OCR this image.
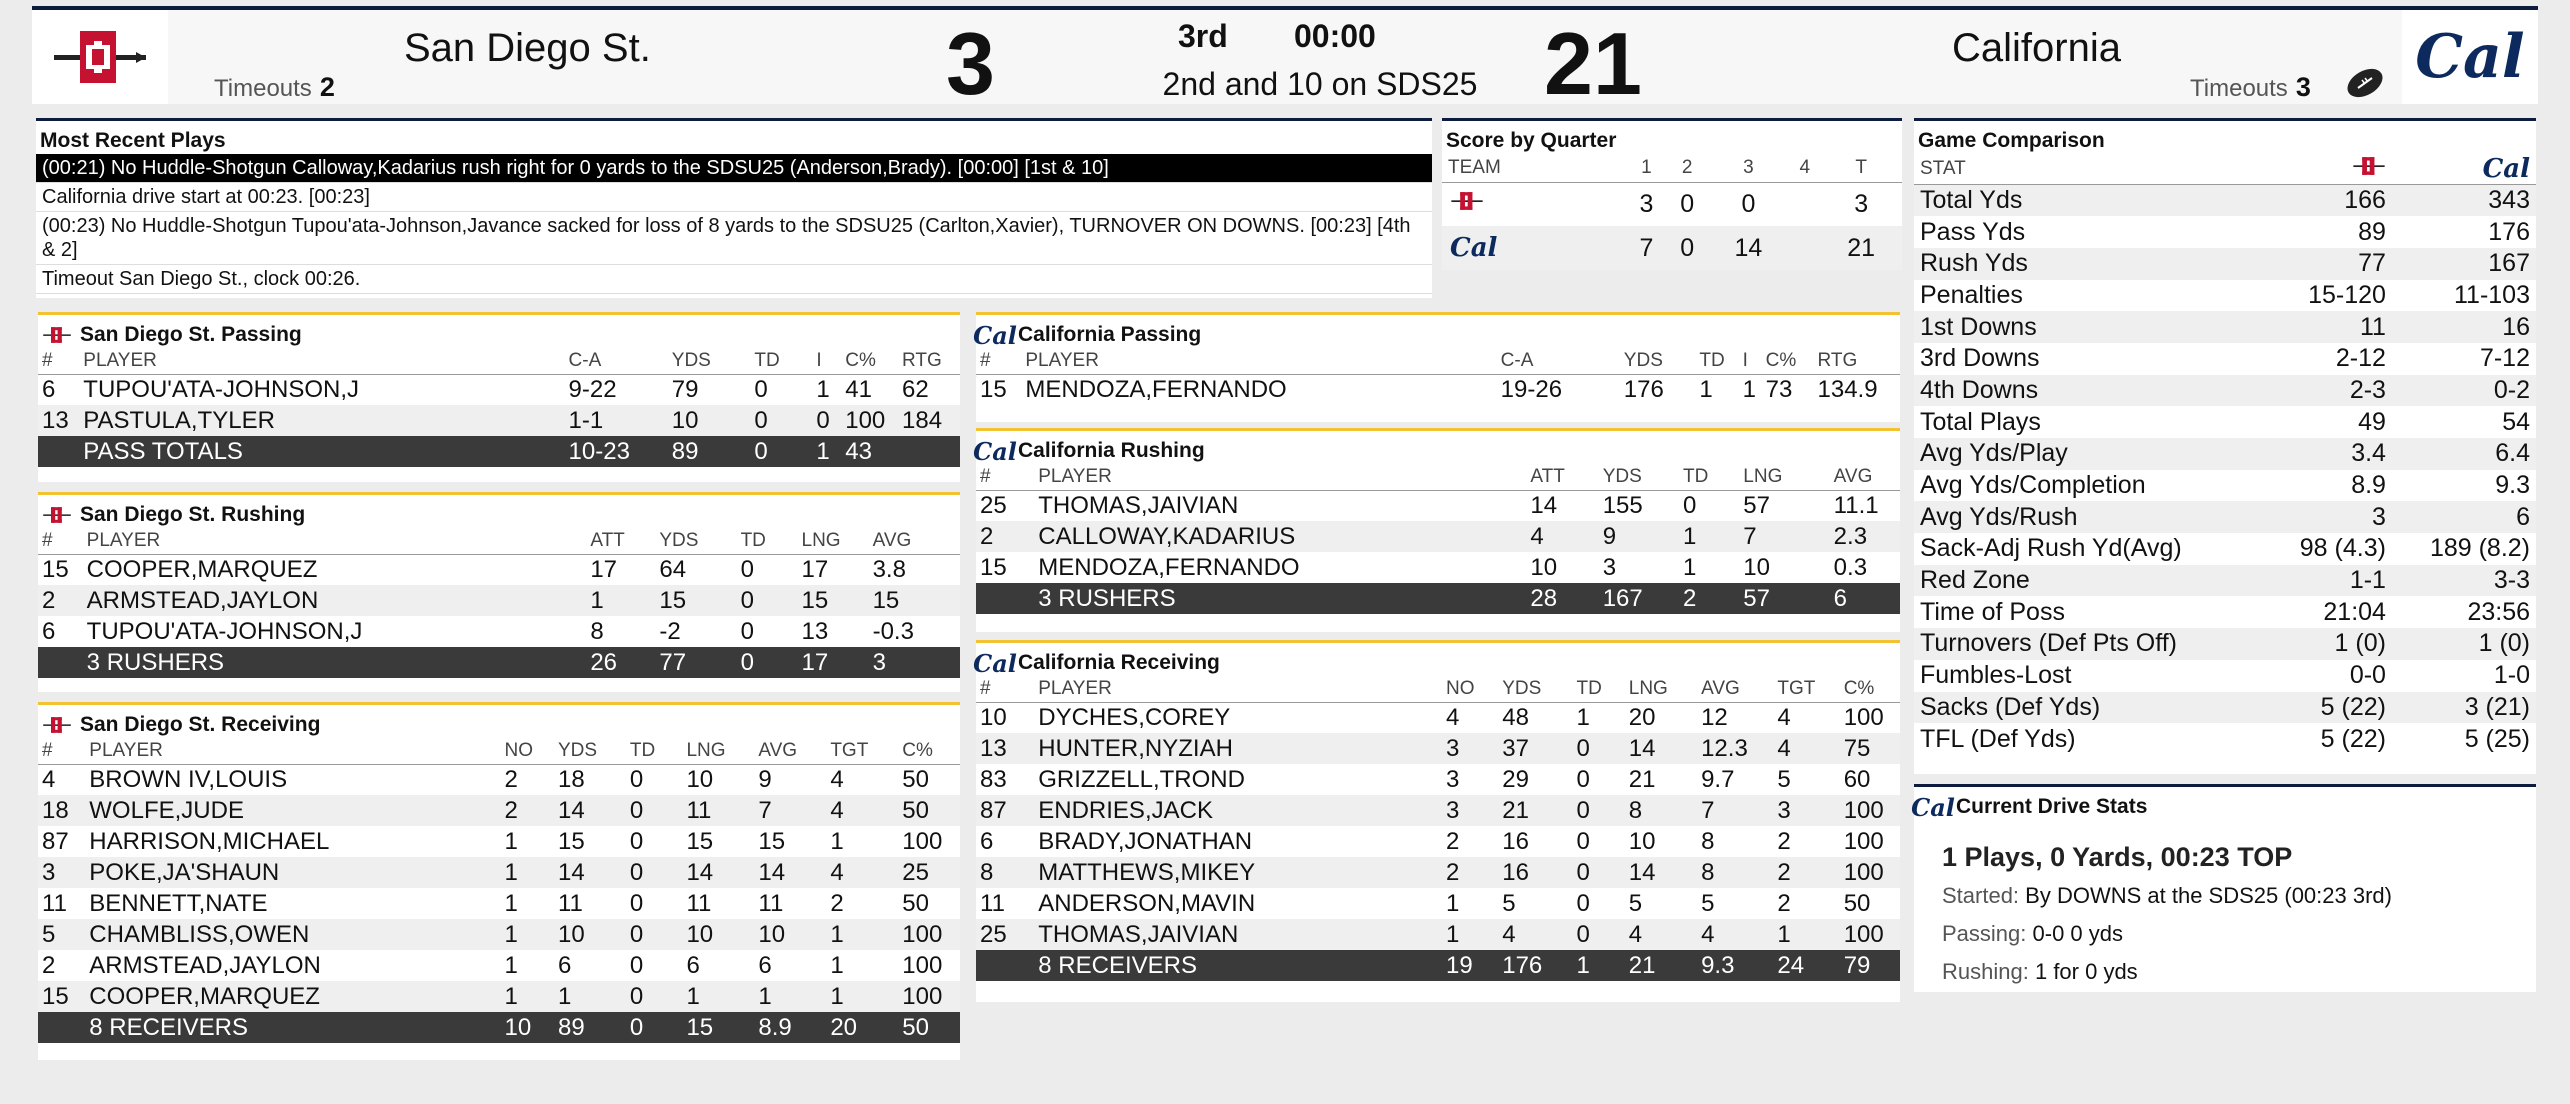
San Diego St.
Timeouts 2	3	3rd 00:00
2nd and 10 on SDS25 21	California
Timeouts 3 Cal
Most Recent Plays
(00:21) No Huddle-Shotgun Calloway,Kadarius rush right for 0 yards to the SDSU25 (Anderson,Brady). [00:00] [1st & 10]
California drive start at 00:23. [00:23]
(00:23) No Huddle-Shotgun Tupou'ata-Johnson,Javance sacked for loss of 8 yards to the SDSU25 (Carlton,Xavier), TURNOVER ON DOWNS. [00:23] [4th & 2]
Timeout San Diego St., clock 00:26.
Score by Quarter
TEAM	1	2	3	4	T
	3	0	0		3
Cal	7	0	14		21
Game Comparison
STAT		Cal
Total Yds	166	343
Pass Yds	89	176
Rush Yds	77	167
Penalties	15-120	11-103
1st Downs	11	16
3rd Downs	2-12	7-12
4th Downs	2-3	0-2
Total Plays	49	54
Avg Yds/Play	3.4	6.4
Avg Yds/Completion	8.9	9.3
Avg Yds/Rush	3	6
Sack-Adj Rush Yd(Avg)	98 (4.3)	189 (8.2)
Red Zone	1-1	3-3
Time of Poss	21:04	23:56
Turnovers (Def Pts Off)	1 (0)	1 (0)
Fumbles-Lost	0-0	1-0
Sacks (Def Yds)	5 (22)	3 (21)
TFL (Def Yds)	5 (22)	5 (25)
Cal Current Drive Stats
1 Plays, 0 Yards, 00:23 TOP
Started: By DOWNS at the SDS25 (00:23 3rd)
Passing: 0-0 0 yds
Rushing: 1 for 0 yds
San Diego St. Passing
#	PLAYER	C-A	YDS	TD	I	C%	RTG
6	TUPOU'ATA-JOHNSON,J	9-22	79	0	1	41	62
13	PASTULA,TYLER	1-1	10	0	0	100	184
	PASS TOTALS	10-23	89	0	1	43	
San Diego St. Rushing
#	PLAYER	ATT	YDS	TD	LNG	AVG
15	COOPER,MARQUEZ	17	64	0	17	3.8
2	ARMSTEAD,JAYLON	1	15	0	15	15
6	TUPOU'ATA-JOHNSON,J	8	-2	0	13	-0.3
	3 RUSHERS	26	77	0	17	3
San Diego St. Receiving
#	PLAYER	NO	YDS	TD	LNG	AVG	TGT	C%
4	BROWN IV,LOUIS	2	18	0	10	9	4	50
18	WOLFE,JUDE	2	14	0	11	7	4	50
87	HARRISON,MICHAEL	1	15	0	15	15	1	100
3	POKE,JA'SHAUN	1	14	0	14	14	4	25
11	BENNETT,NATE	1	11	0	11	11	2	50
5	CHAMBLISS,OWEN	1	10	0	10	10	1	100
2	ARMSTEAD,JAYLON	1	6	0	6	6	1	100
15	COOPER,MARQUEZ	1	1	0	1	1	1	100
	8 RECEIVERS	10	89	0	15	8.9	20	50
Cal California Passing
#	PLAYER	C-A	YDS	TD	I	C%	RTG
15	MENDOZA,FERNANDO	19-26	176	1	1	73	134.9
Cal California Rushing
#	PLAYER	ATT	YDS	TD	LNG	AVG
25	THOMAS,JAIVIAN	14	155	0	57	11.1
2	CALLOWAY,KADARIUS	4	9	1	7	2.3
15	MENDOZA,FERNANDO	10	3	1	10	0.3
	3 RUSHERS	28	167	2	57	6
Cal California Receiving
#	PLAYER	NO	YDS	TD	LNG	AVG	TGT	C%
10	DYCHES,COREY	4	48	1	20	12	4	100
13	HUNTER,NYZIAH	3	37	0	14	12.3	4	75
83	GRIZZELL,TROND	3	29	0	21	9.7	5	60
87	ENDRIES,JACK	3	21	0	8	7	3	100
6	BRADY,JONATHAN	2	16	0	10	8	2	100
8	MATTHEWS,MIKEY	2	16	0	14	8	2	100
11	ANDERSON,MAVIN	1	5	0	5	5	2	50
25	THOMAS,JAIVIAN	1	4	0	4	4	1	100
	8 RECEIVERS	19	176	1	21	9.3	24	79
